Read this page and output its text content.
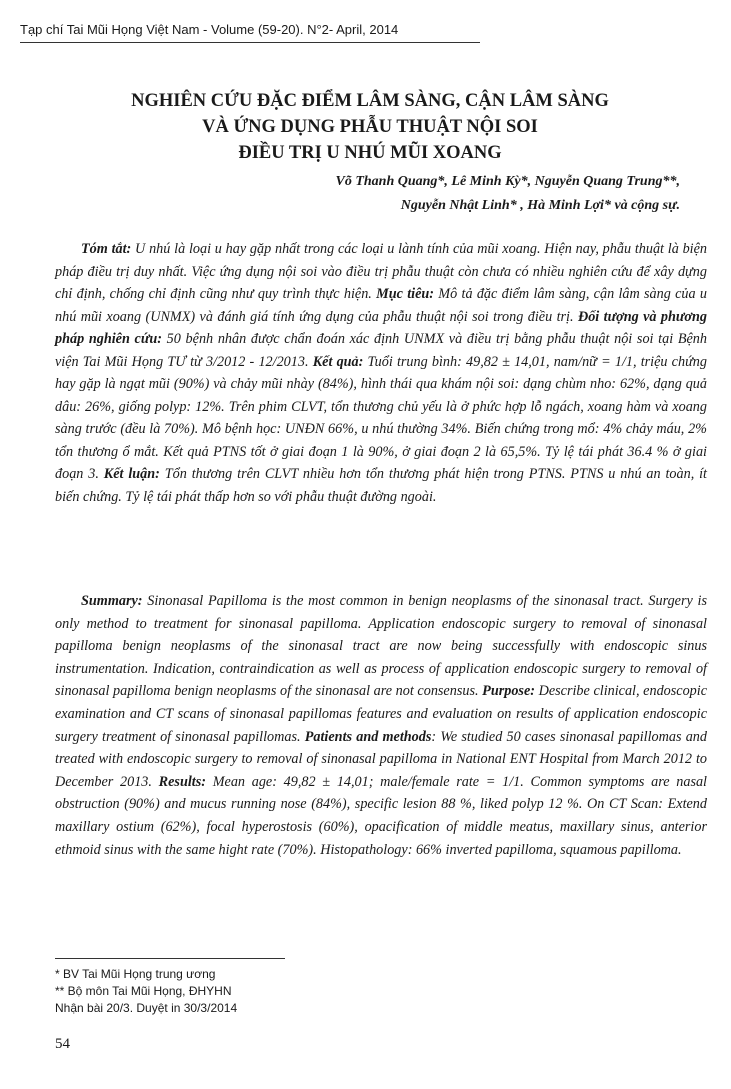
Tạp chí Tai Mũi Họng Việt Nam - Volume (59-20). N°2- April, 2014
NGHIÊN CỨU ĐẶC ĐIỂM LÂM SÀNG, CẬN LÂM SÀNG
VÀ ỨNG DỤNG PHẪU THUẬT NỘI SOI
ĐIỀU TRỊ U NHÚ MŨI XOANG
Võ Thanh Quang*, Lê Minh Kỳ*, Nguyễn Quang Trung**,
Nguyễn Nhật Linh* , Hà Minh Lợi* và cộng sự.

Tóm tắt: U nhú là loại u hay gặp nhất trong các loại u lành tính của mũi xoang. Hiện nay, phẫu thuật là biện pháp điều trị duy nhất. Việc ứng dụng nội soi vào điều trị phẫu thuật còn chưa có nhiều nghiên cứu để xây dựng chỉ định, chống chỉ định cũng như quy trình thực hiện. Mục tiêu: Mô tả đặc điểm lâm sàng, cận lâm sàng của u nhú mũi xoang (UNMX) và đánh giá tính ứng dụng của phẫu thuật nội soi trong điều trị. Đối tượng và phương pháp nghiên cứu: 50 bệnh nhân được chẩn đoán xác định UNMX và điều trị bằng phẫu thuật nội soi tại Bệnh viện Tai Mũi Họng TƯ từ 3/2012 - 12/2013. Kết quả: Tuổi trung bình: 49,82 ± 14,01, nam/nữ = 1/1, triệu chứng hay gặp là ngạt mũi (90%) và chảy mũi nhày (84%), hình thái qua khám nội soi: dạng chùm nho: 62%, dạng quả dâu: 26%, giống polyp: 12%. Trên phim CLVT, tổn thương chủ yếu là ở phức hợp lỗ ngách, xoang hàm và xoang sàng trước (đều là 70%). Mô bệnh học: UNĐN 66%, u nhú thường 34%. Biến chứng trong mổ: 4% chảy máu, 2% tổn thương ổ mắt. Kết quả PTNS tốt ở giai đoạn 1 là 90%, ở giai đoạn 2 là 65,5%. Tỷ lệ tái phát 36.4 % ở giai đoạn 3. Kết luận: Tổn thương trên CLVT nhiều hơn tổn thương phát hiện trong PTNS. PTNS u nhú an toàn, ít biến chứng. Tỷ lệ tái phát thấp hơn so với phẫu thuật đường ngoài.

Summary: Sinonasal Papilloma is the most common in benign neoplasms of the sinonasal tract. Surgery is only method to treatment for sinonasal papilloma. Application endoscopic surgery to removal of sinonasal papilloma benign neoplasms of the sinonasal tract are now being successfully with endoscopic sinus instrumentation. Indication, contraindication as well as process of application endoscopic surgery to removal of sinonasal papilloma benign neoplasms of the sinonasal are not consensus. Purpose: Describe clinical, endoscopic examination and CT scans of sinonasal papillomas features and evaluation on results of application endoscopic surgery treatment of sinonasal papillomas. Patients and methods: We studied 50 cases sinonasal papillomas and treated with endoscopic surgery to removal of sinonasal papilloma in National ENT Hospital from March 2012 to December 2013. Results: Mean age: 49,82 ± 14,01; male/female rate = 1/1. Common symptoms are nasal obstruction (90%) and mucus running nose (84%), specific lesion 88 %, liked polyp 12 %. On CT Scan: Extend maxillary ostium (62%), focal hyperostosis (60%), opacification of middle meatus, maxillary sinus, anterior ethmoid sinus with the same hight rate (70%). Histopathology: 66% inverted papilloma, squamous papilloma.

* BV Tai Mũi Họng trung ương
** Bộ môn Tai Mũi Họng, ĐHYHN
Nhận bài 20/3. Duyệt in 30/3/2014
54
